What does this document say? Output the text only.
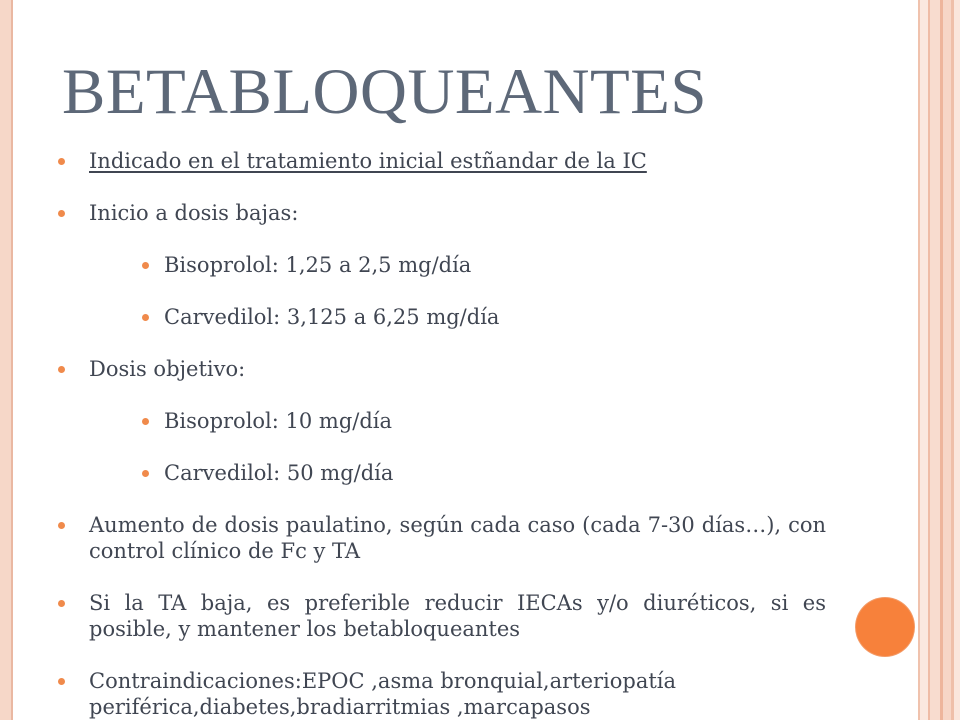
BETABLOQUEANTES
Indicado en el tratamiento inicial estñandar de la IC
Inicio a dosis bajas:
Bisoprolol: 1,25 a 2,5 mg/día
Carvedilol: 3,125 a 6,25 mg/día
Dosis objetivo:
Bisoprolol: 10 mg/día
Carvedilol: 50 mg/día
Aumento de dosis paulatino, según cada caso (cada 7-30 días…), con control clínico de Fc y TA
Si la TA baja, es preferible reducir IECAs y/o diuréticos, si es posible, y mantener los betabloqueantes
Contraindicaciones:EPOC ,asma bronquial,arteriopatía
periférica,diabetes,bradiarritmias ,marcapasos
